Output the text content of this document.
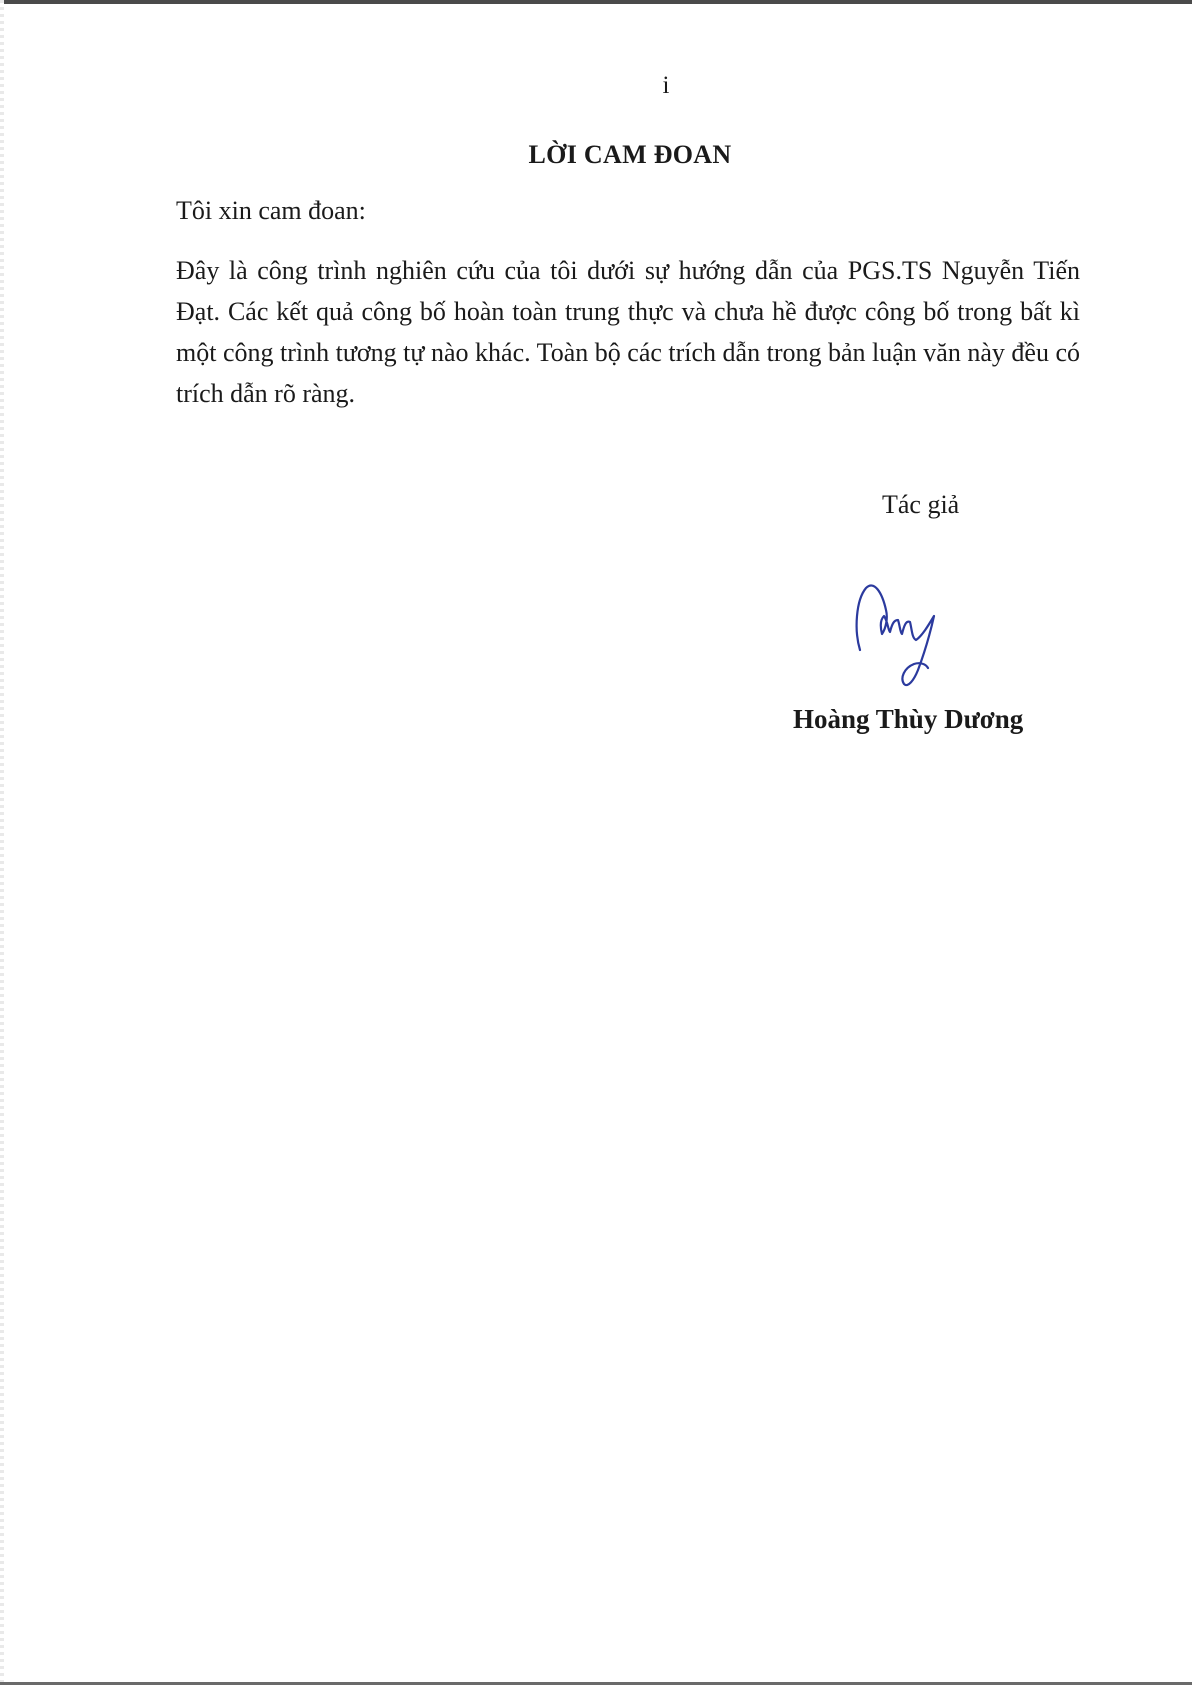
i
LỜI CAM ĐOAN
Tôi xin cam đoan:

Đây là công trình nghiên cứu của tôi dưới sự hướng dẫn của PGS.TS Nguyễn Tiến Đạt. Các kết quả công bố hoàn toàn trung thực và chưa hề được công bố trong bất kì một công trình tương tự nào khác. Toàn bộ các trích dẫn trong bản luận văn này đều có trích dẫn rõ ràng.

Tác giả
Hoàng Thùy Dương
